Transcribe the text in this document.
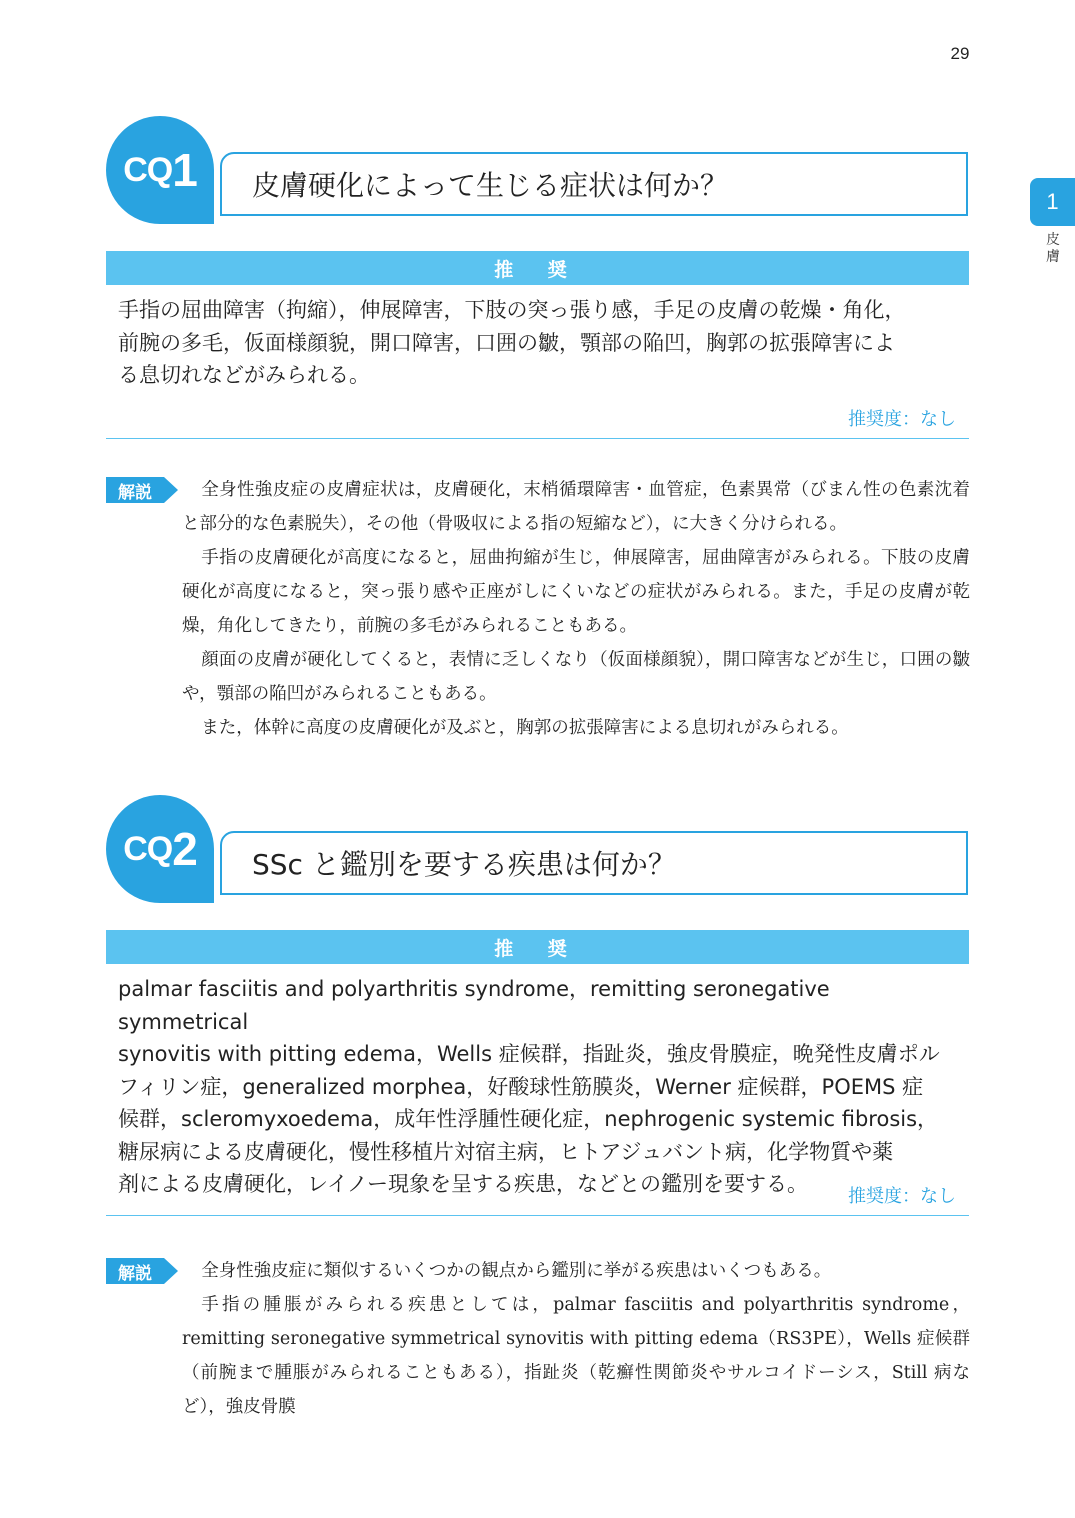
29
1
皮膚
CQ 1	皮膚硬化によって生じる症状は何か？
推 奨
手指の屈曲障害（拘縮），伸展障害，下肢の突っ張り感，手足の皮膚の乾燥・角化，
前腕の多毛，仮面様顔貌，開口障害，口囲の皺，顎部の陥凹，胸郭の拡張障害によ
る息切れなどがみられる。
推奨度：なし
解説	全身性強皮症の皮膚症状は，皮膚硬化，末梢循環障害・血管症，色素異常（びまん性の色素沈着と部分的な色素脱失），その他（骨吸収による指の短縮など），に大きく分けられる。

手指の皮膚硬化が高度になると，屈曲拘縮が生じ，伸展障害，屈曲障害がみられる。下肢の皮膚硬化が高度になると，突っ張り感や正座がしにくいなどの症状がみられる。また，手足の皮膚が乾燥，角化してきたり，前腕の多毛がみられることもある。

顔面の皮膚が硬化してくると，表情に乏しくなり（仮面様顔貌），開口障害などが生じ，口囲の皺や，顎部の陥凹がみられることもある。

また，体幹に高度の皮膚硬化が及ぶと，胸郭の拡張障害による息切れがみられる。

CQ 2	SSc と鑑別を要する疾患は何か？
推 奨
palmar fasciitis and polyarthritis syndrome，remitting seronegative symmetrical
synovitis with pitting edema，Wells 症候群，指趾炎，強皮骨膜症，晩発性皮膚ポル
フィリン症，generalized morphea，好酸球性筋膜炎，Werner 症候群，POEMS 症
候群，scleromyxoedema，成年性浮腫性硬化症，nephrogenic systemic fibrosis，
糖尿病による皮膚硬化，慢性移植片対宿主病，ヒトアジュバント病，化学物質や薬
剤による皮膚硬化，レイノー現象を呈する疾患，などとの鑑別を要する。
推奨度：なし
解説	全身性強皮症に類似するいくつかの観点から鑑別に挙がる疾患はいくつもある。

手指の腫脹がみられる疾患としては，palmar fasciitis and polyarthritis syndrome，remitting seronegative symmetrical synovitis with pitting edema（RS3PE），Wells 症候群（前腕まで腫脹がみられることもある），指趾炎（乾癬性関節炎やサルコイドーシス，Still 病など），強皮骨膜
